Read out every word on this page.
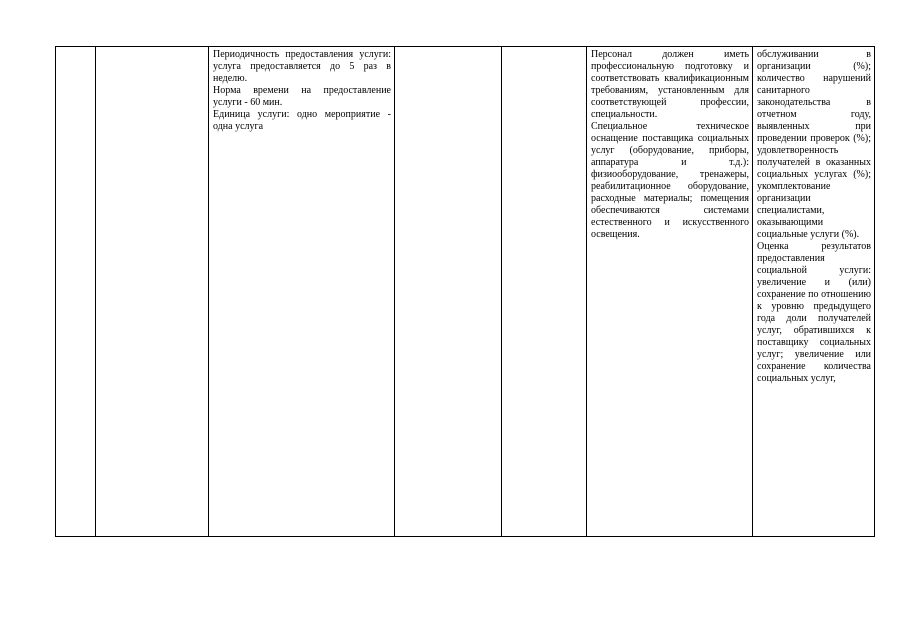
Периодичность предоставления услуги: услуга предоставляется до 5 раз в неделю.

Норма времени на предоставление услуги - 60 мин.

Единица услуги: одно мероприятие - одна услуга

Персонал должен иметь профессиональную подготовку и соответствовать квалификационным требованиям, установленным для соответствующей профессии, специальности.

Специальное техническое оснащение поставщика социальных услуг (оборудование, приборы, аппаратура и т.д.): физиооборудование, тренажеры, реабилитационное оборудование, расходные материалы; помещения обеспечиваются системами естественного и искусственного освещения.

обслуживании в организации (%); количество нарушений санитарного законодательства в отчетном году, выявленных при проведении проверок (%); удовлетворенность получателей в оказанных социальных услугах (%); укомплектование организации специалистами, оказывающими социальные услуги (%).

Оценка результатов предоставления социальной услуги: увеличение и (или) сохранение по отношению к уровню предыдущего года доли получателей услуг, обратившихся к поставщику социальных услуг; увеличение или сохранение количества социальных услуг,
